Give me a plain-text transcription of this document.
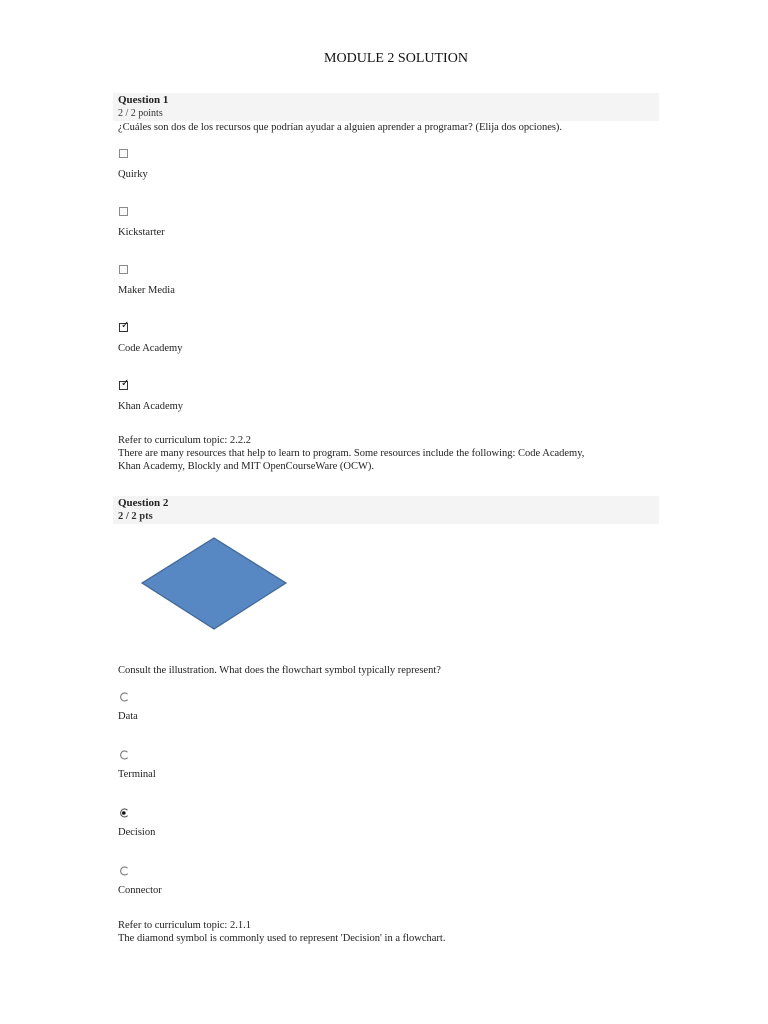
MODULE 2 SOLUTION
Question 1
2 / 2 points
¿Cuáles son dos de los recursos que podrían ayudar a alguien aprender a programar? (Elija dos opciones).
Quirky
Kickstarter
Maker Media
✓
Code Academy
✓
Khan Academy
Refer to curriculum topic: 2.2.2
There are many resources that help to learn to program. Some resources include the following: Code Academy, Khan Academy, Blockly and MIT OpenCourseWare (OCW).
Question 2
2 / 2 pts
Consult the illustration. What does the flowchart symbol typically represent?
Data
Terminal
Decision
Connector
Refer to curriculum topic: 2.1.1
The diamond symbol is commonly used to represent 'Decision' in a flowchart.
